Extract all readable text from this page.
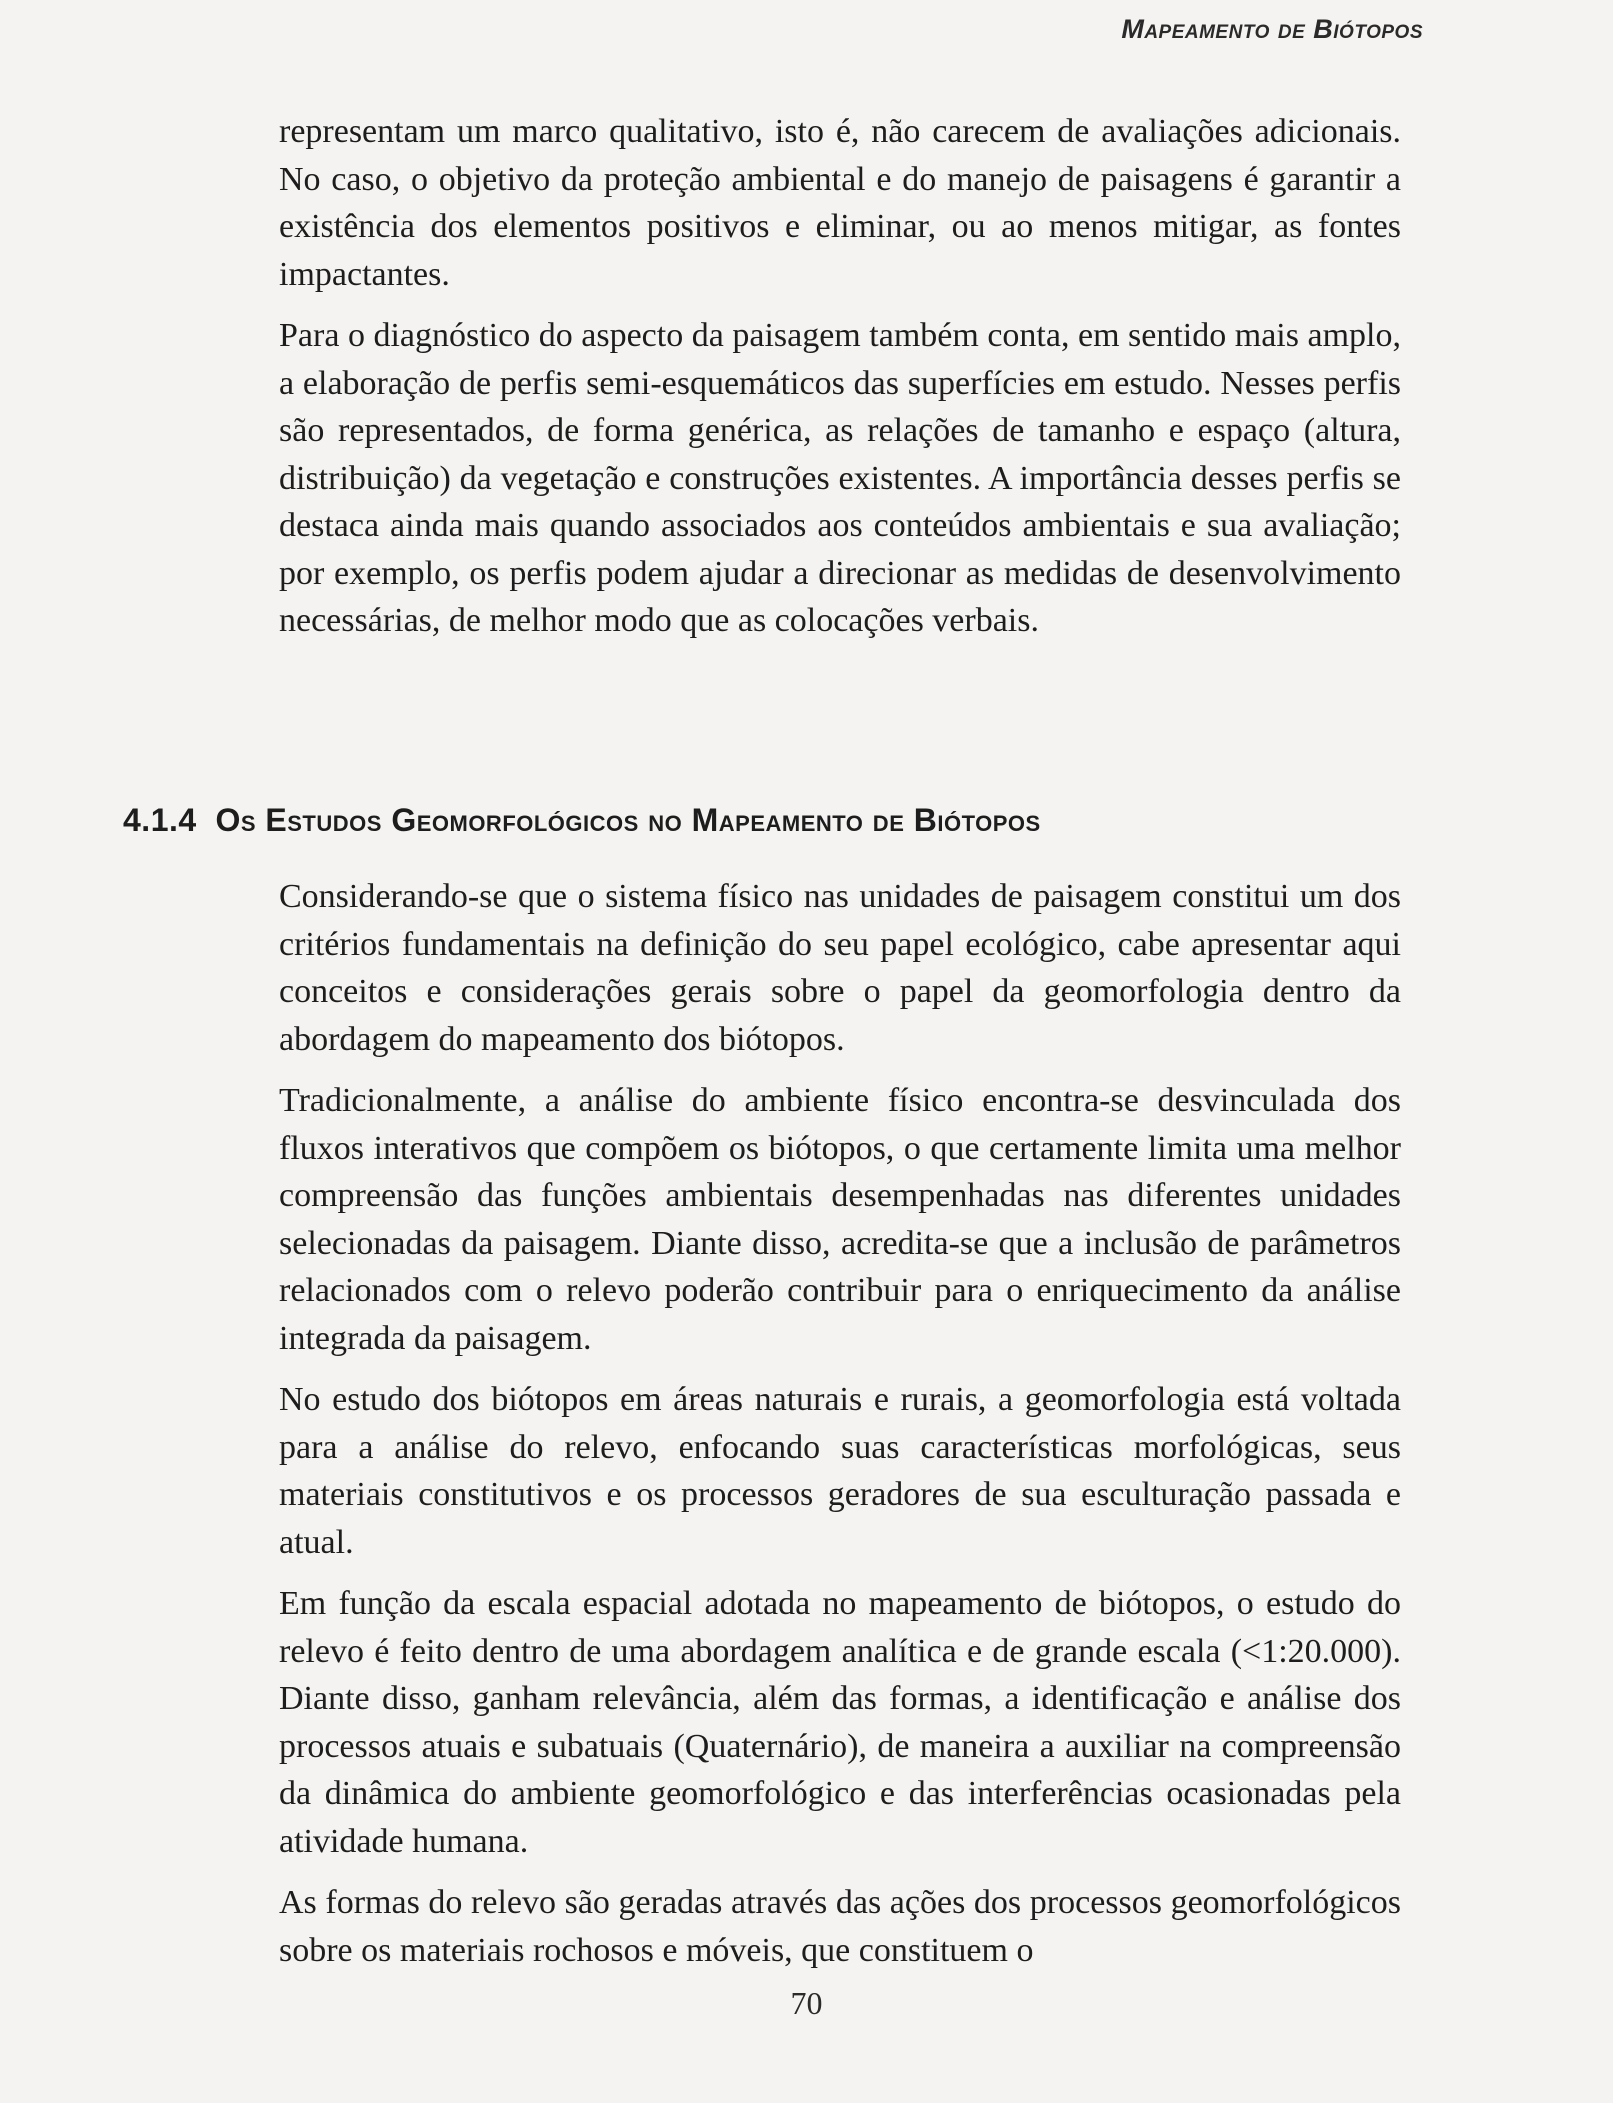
Mapeamento de Biótopos

representam um marco qualitativo, isto é, não carecem de avaliações adicionais. No caso, o objetivo da proteção ambiental e do manejo de paisagens é garantir a existência dos elementos positivos e eliminar, ou ao menos mitigar, as fontes impactantes.

Para o diagnóstico do aspecto da paisagem também conta, em sentido mais amplo, a elaboração de perfis semi-esquemáticos das superfícies em estudo. Nesses perfis são representados, de forma genérica, as relações de tamanho e espaço (altura, distribuição) da vegetação e construções existentes. A importância desses perfis se destaca ainda mais quando associados aos conteúdos ambientais e sua avaliação; por exemplo, os perfis podem ajudar a direcionar as medidas de desenvolvimento necessárias, de melhor modo que as colocações verbais.

4.1.4 Os Estudos Geomorfológicos no Mapeamento de Biótopos

Considerando-se que o sistema físico nas unidades de paisagem constitui um dos critérios fundamentais na definição do seu papel ecológico, cabe apresentar aqui conceitos e considerações gerais sobre o papel da geomorfologia dentro da abordagem do mapeamento dos biótopos.

Tradicionalmente, a análise do ambiente físico encontra-se desvinculada dos fluxos interativos que compõem os biótopos, o que certamente limita uma melhor compreensão das funções ambientais desempenhadas nas diferentes unidades selecionadas da paisagem. Diante disso, acredita-se que a inclusão de parâmetros relacionados com o relevo poderão contribuir para o enriquecimento da análise integrada da paisagem.

No estudo dos biótopos em áreas naturais e rurais, a geomorfologia está voltada para a análise do relevo, enfocando suas características morfológicas, seus materiais constitutivos e os processos geradores de sua esculturação passada e atual.

Em função da escala espacial adotada no mapeamento de biótopos, o estudo do relevo é feito dentro de uma abordagem analítica e de grande escala (<1:20.000). Diante disso, ganham relevância, além das formas, a identificação e análise dos processos atuais e subatuais (Quaternário), de maneira a auxiliar na compreensão da dinâmica do ambiente geomorfológico e das interferências ocasionadas pela atividade humana.

As formas do relevo são geradas através das ações dos processos geomorfológicos sobre os materiais rochosos e móveis, que constituem o

70
